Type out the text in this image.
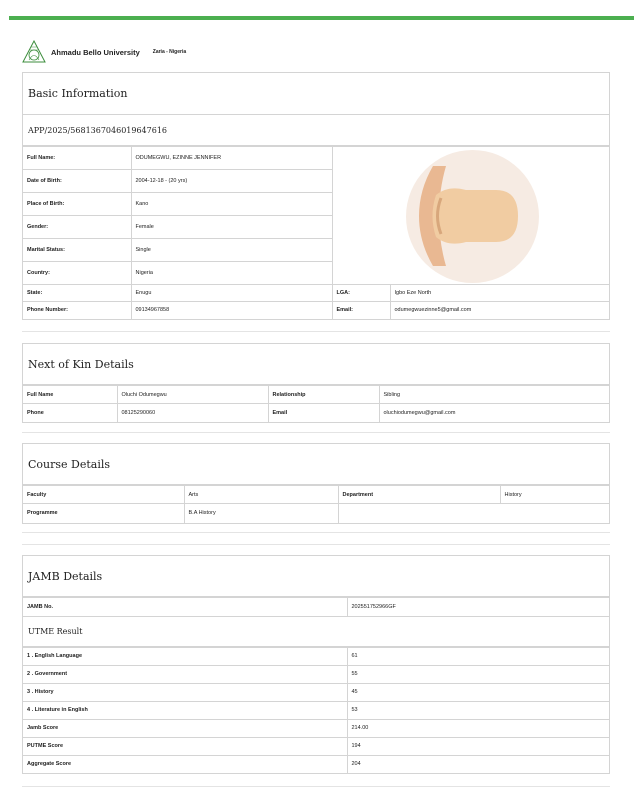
Ahmadu Bello University	Zaria - Nigeria
Basic Information
APP/2025/568136704601964761​6
Full Name:	ODUMEGWU, EZINNE JENNIFER	

Date of Birth:	2004-12-18 - (20 yrs)		
Place of Birth:	Kano		
Gender:	Female		
Marital Status:	Single		
Country:	Nigeria		
State:	Enugu	LGA:	Igbo Eze North
Phone Number:	09134967858	Email:	odumegwuezinne5@gmail.com
Next of Kin Details
Full Name	Oluchi Odumegwu	Relationship	Sibling
Phone	08125290060	Email	oluchiodumegwu@gmail.com
Course Details
Faculty	Arts	Department	History
Programme	B.A History		
JAMB Details
JAMB No.	202551752966GF
UTME Result
1 . English Language	61
2 . Government	55
3 . History	45
4 . Literature in English	53
Jamb Score	214.00
PUTME Score	194
Aggregate Score	204
